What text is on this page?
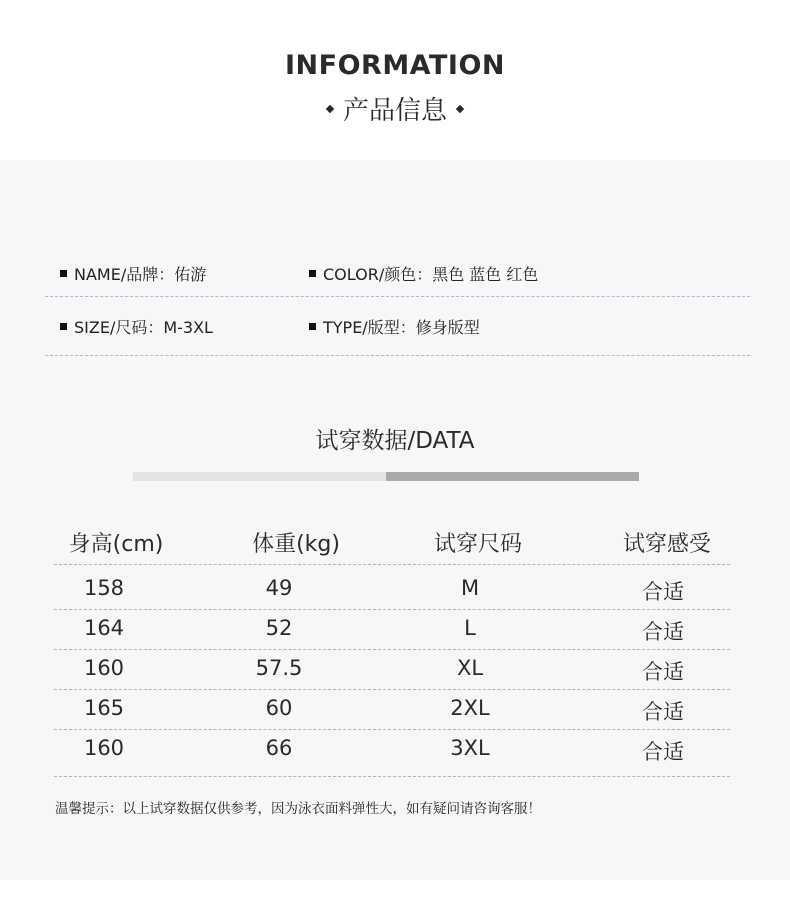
INFORMATION
产品信息
NAME/品牌：佑游	COLOR/颜色：黑色 蓝色 红色
SIZE/尺码：M-3XL	TYPE/版型：修身版型
试穿数据/DATA
身高(cm)	体重(kg)	试穿尺码	试穿感受
158	49	M	合适
164	52	L	合适
160	57.5	XL	合适
165	60	2XL	合适
160	66	3XL	合适
温馨提示：以上试穿数据仅供参考，因为泳衣面料弹性大，如有疑问请咨询客服！
